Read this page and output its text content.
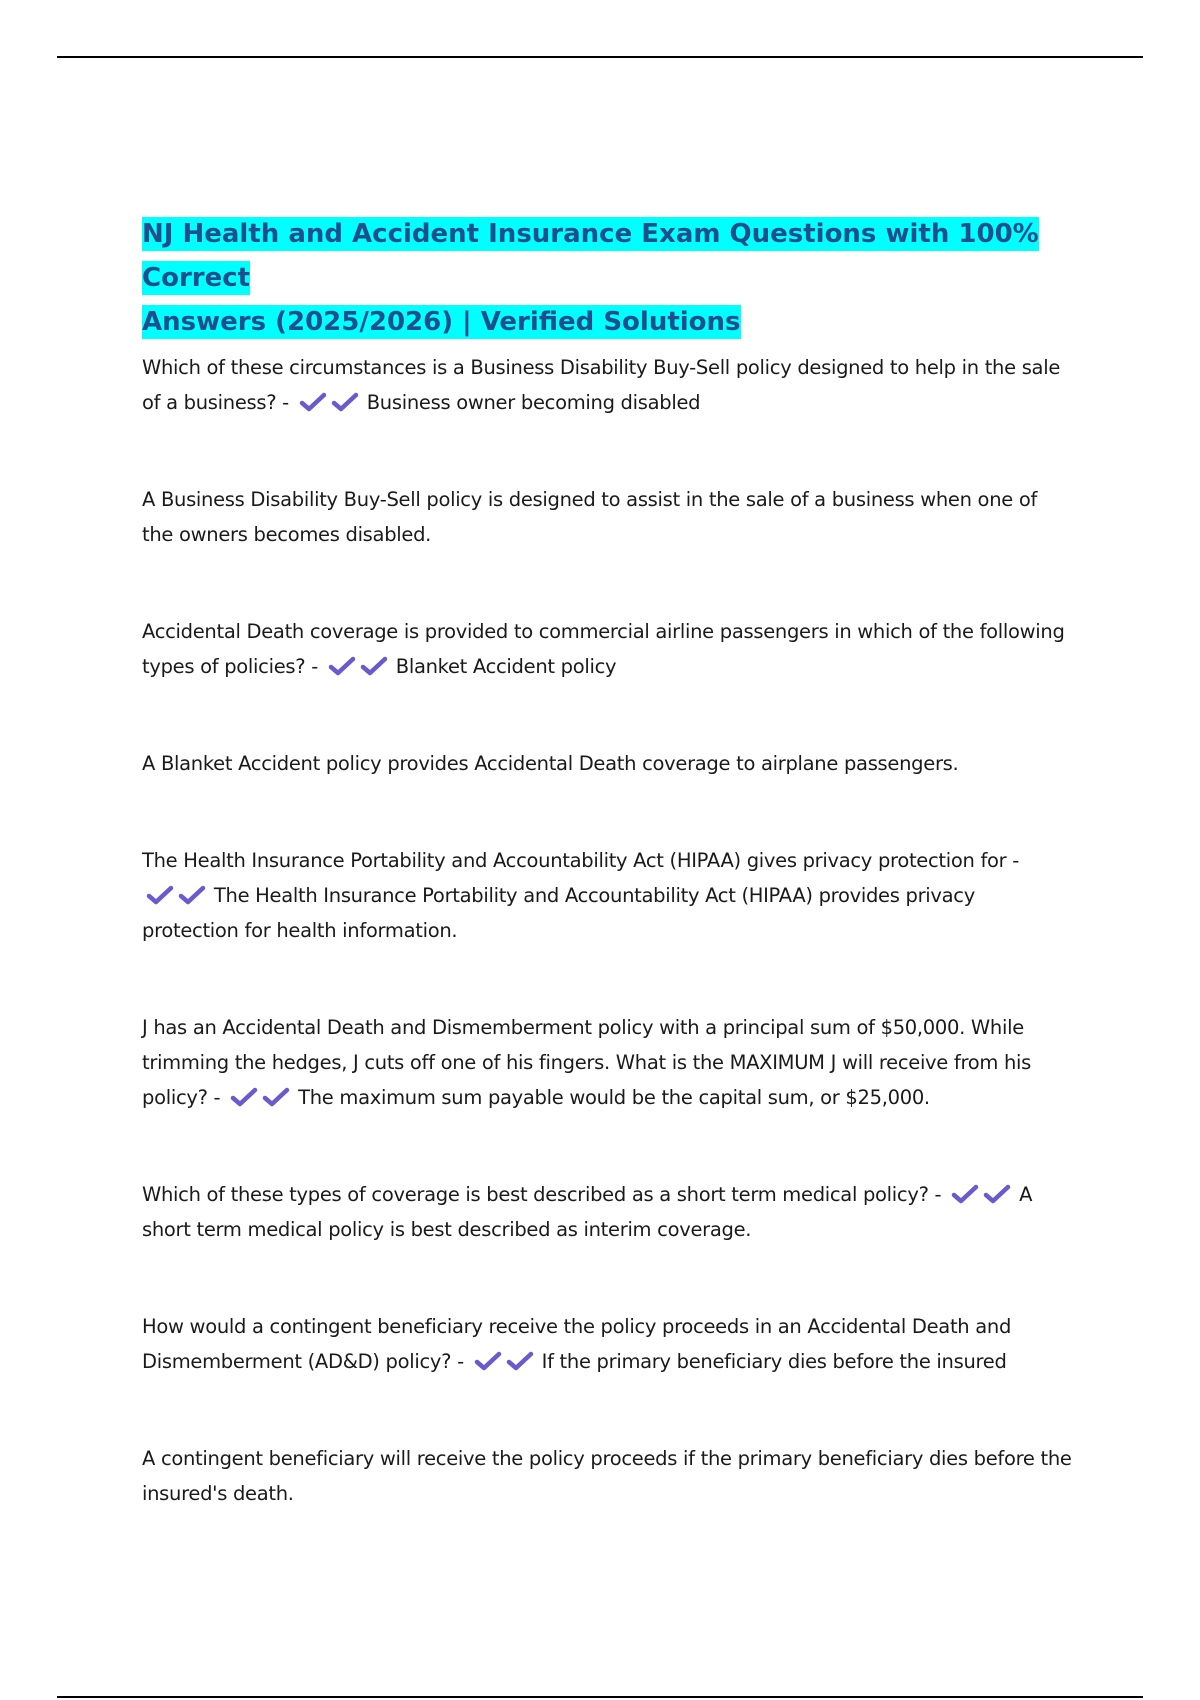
NJ Health and Accident Insurance Exam Questions with 100% Correct
Answers (2025/2026) | Verified Solutions

Which of these circumstances is a Business Disability Buy-Sell policy designed to help in the sale of a business? -	Business owner becoming disabled

A Business Disability Buy-Sell policy is designed to assist in the sale of a business when one of the owners becomes disabled.

Accidental Death coverage is provided to commercial airline passengers in which of the following types of policies? -	Blanket Accident policy

A Blanket Accident policy provides Accidental Death coverage to airplane passengers.

The Health Insurance Portability and Accountability Act (HIPAA) gives privacy protection for -
The Health Insurance Portability and Accountability Act (HIPAA) provides privacy protection for health information.

J has an Accidental Death and Dismemberment policy with a principal sum of $50,000. While trimming the hedges, J cuts off one of his fingers. What is the MAXIMUM J will receive from his policy? -	The maximum sum payable would be the capital sum, or $25,000.

Which of these types of coverage is best described as a short term medical policy? -	A short term medical policy is best described as interim coverage.

How would a contingent beneficiary receive the policy proceeds in an Accidental Death and Dismemberment (AD&D) policy? -	If the primary beneficiary dies before the insured

A contingent beneficiary will receive the policy proceeds if the primary beneficiary dies before the insured's death.
